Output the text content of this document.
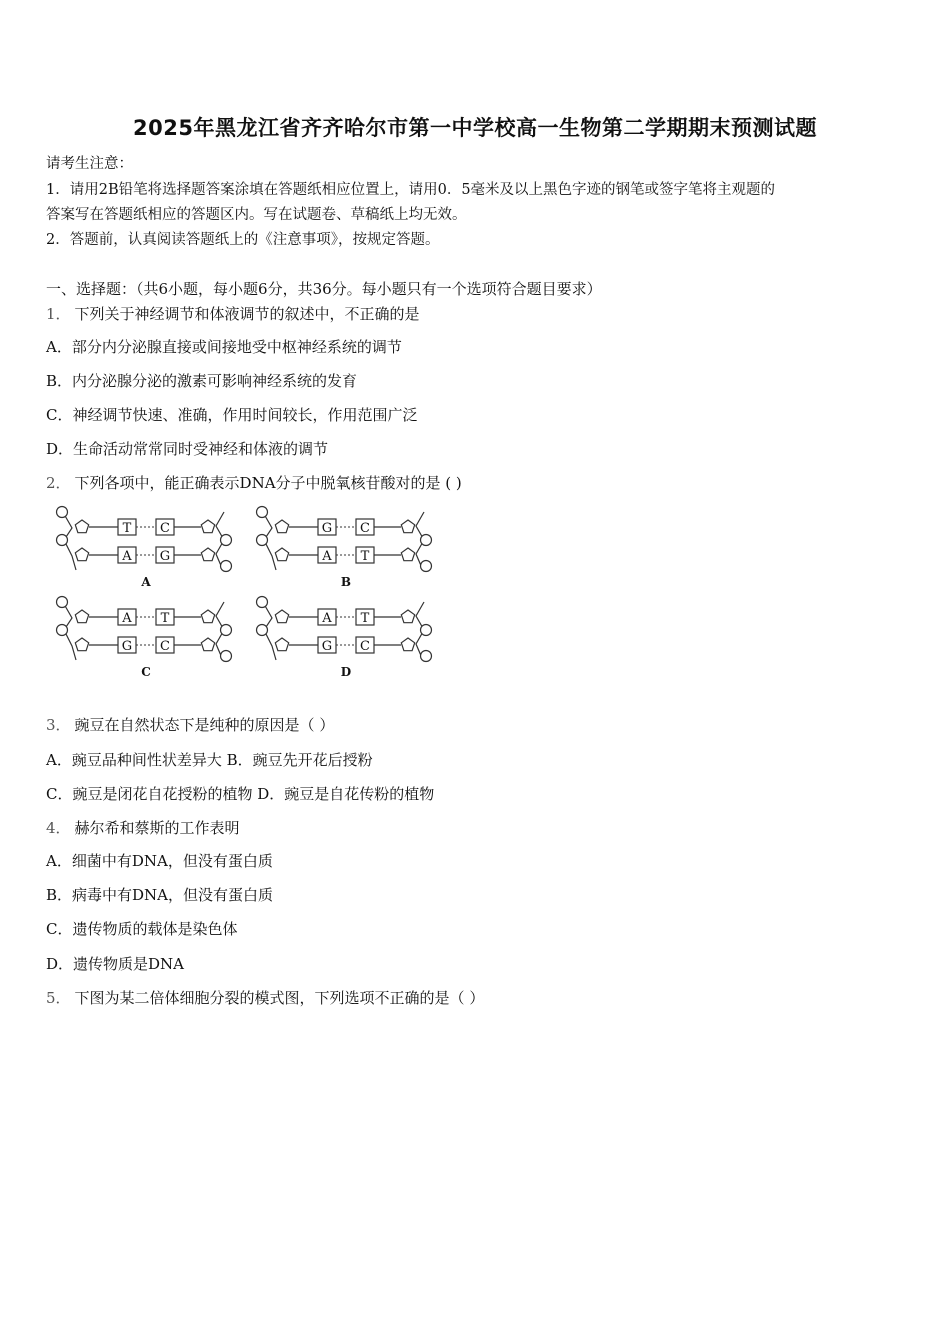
2025年黑龙江省齐齐哈尔市第一中学校高一生物第二学期期末预测试题
请考生注意：
1．请用2B铅笔将选择题答案涂填在答题纸相应位置上，请用0．5毫米及以上黑色字迹的钢笔或签字笔将主观题的
答案写在答题纸相应的答题区内。写在试题卷、草稿纸上均无效。
2．答题前，认真阅读答题纸上的《注意事项》，按规定答题。
一、选择题：（共6小题，每小题6分，共36分。每小题只有一个选项符合题目要求）
1． 下列关于神经调节和体液调节的叙述中，不正确的是
A．部分内分泌腺直接或间接地受中枢神经系统的调节
B．内分泌腺分泌的激素可影响神经系统的发育
C．神经调节快速、准确，作用时间较长，作用范围广泛
D．生命活动常常同时受神经和体液的调节
2． 下列各项中，能正确表示DNA分子中脱氧核苷酸对的是 ( )
T C
A G
A
G C
A T
B
A T
G C
C
A T
G C
D
3． 豌豆在自然状态下是纯种的原因是（ ）
A．豌豆品种间性状差异大 B．豌豆先开花后授粉
C．豌豆是闭花自花授粉的植物 D．豌豆是自花传粉的植物
4． 赫尔希和蔡斯的工作表明
A．细菌中有DNA，但没有蛋白质
B．病毒中有DNA，但没有蛋白质
C．遗传物质的载体是染色体
D．遗传物质是DNA
5． 下图为某二倍体细胞分裂的模式图，下列选项不正确的是（ ）
